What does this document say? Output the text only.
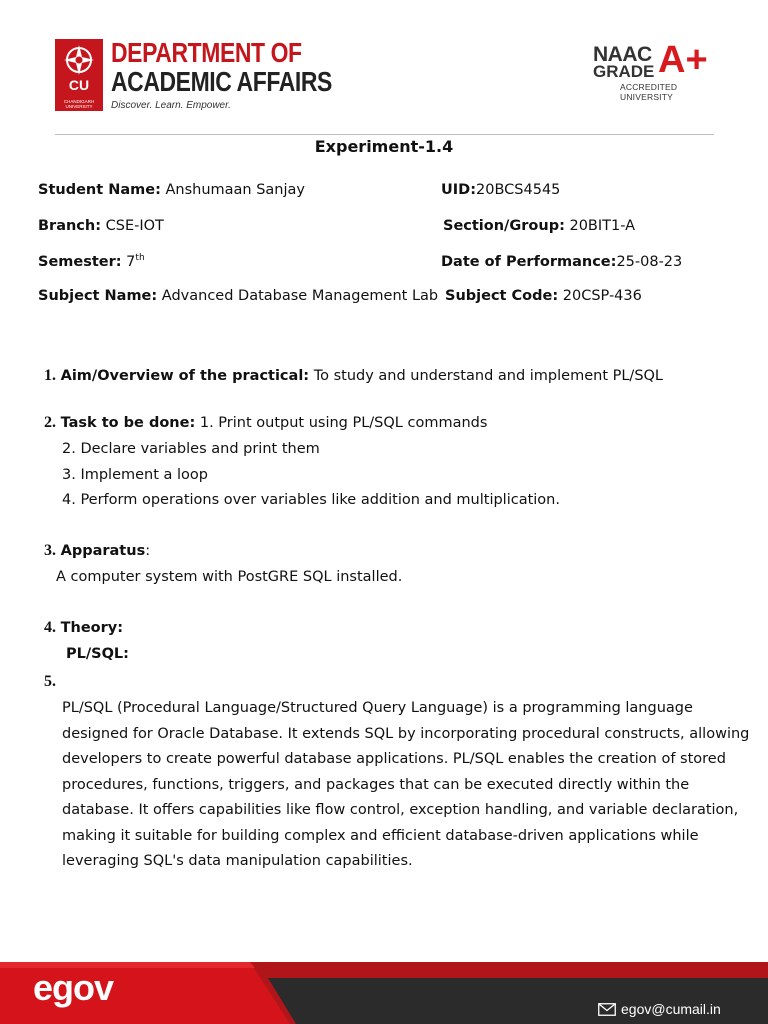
CU
CHANDIGARH UNIVERSITY
DEPARTMENT OF
ACADEMIC AFFAIRS
Discover. Learn. Empower.
NAAC
GRADE A+
ACCREDITED UNIVERSITY
Experiment-1.4
Student Name: Anshumaan Sanjay	UID:20BCS4545
Branch: CSE-IOT	Section/Group: 20BIT1-A
Semester: 7th	Date of Performance:25-08-23
Subject Name: Advanced Database Management Lab Subject Code: 20CSP-436
1. Aim/Overview of the practical: To study and understand and implement PL/SQL
2. Task to be done: 1. Print output using PL/SQL commands
2. Declare variables and print them
3. Implement a loop
4. Perform operations over variables like addition and multiplication.
3. Apparatus:
A computer system with PostGRE SQL installed.
4. Theory:
PL/SQL:
5.
PL/SQL (Procedural Language/Structured Query Language) is a programming language
designed for Oracle Database. It extends SQL by incorporating procedural constructs, allowing
developers to create powerful database applications. PL/SQL enables the creation of stored
procedures, functions, triggers, and packages that can be executed directly within the
database. It offers capabilities like flow control, exception handling, and variable declaration,
making it suitable for building complex and efficient database-driven applications while
leveraging SQL's data manipulation capabilities.
egov
egov@cumail.in
